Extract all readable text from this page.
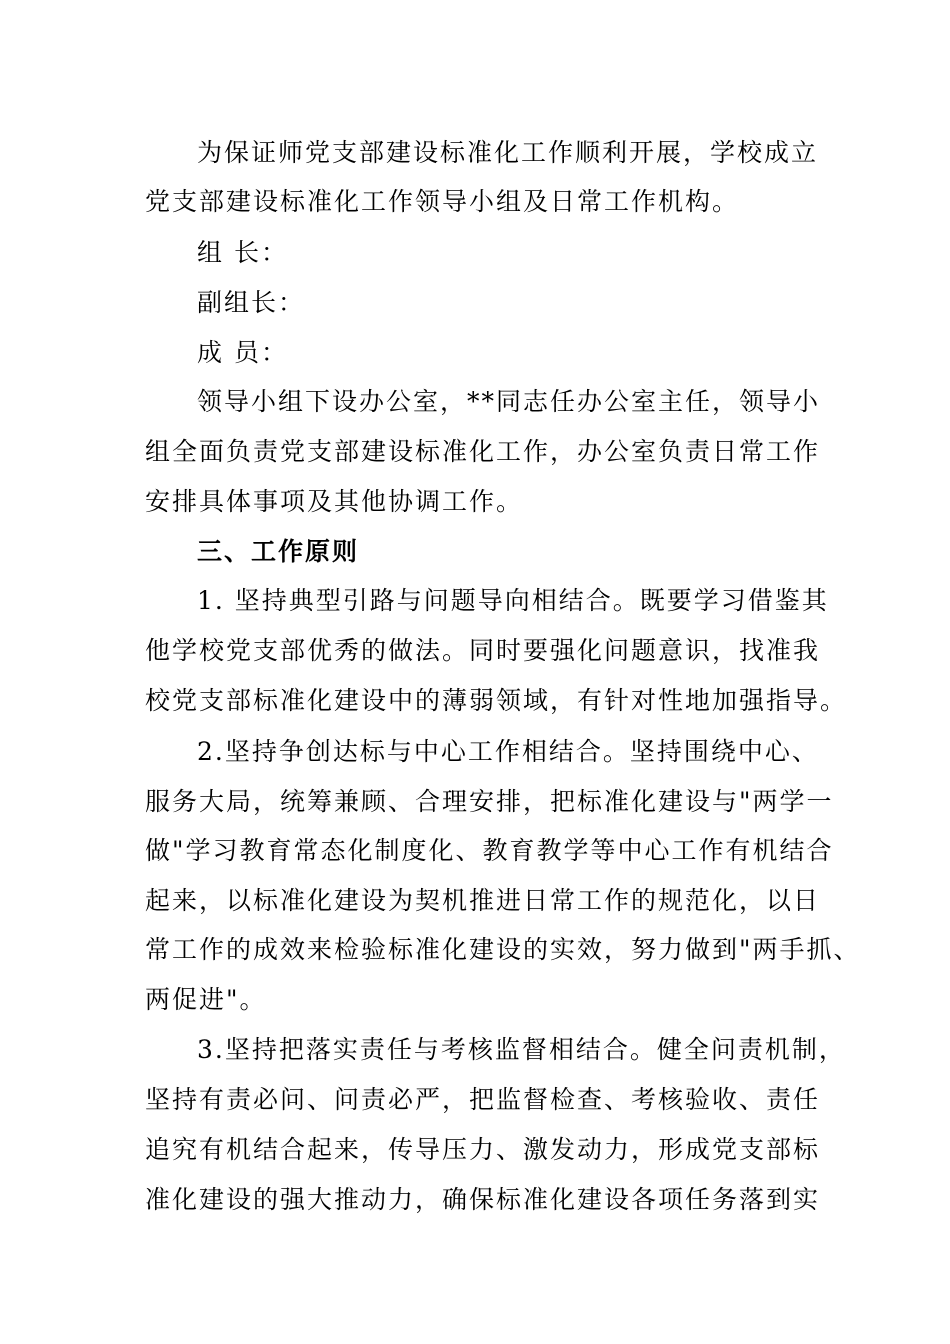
为保证师党支部建设标准化工作顺利开展，学校成立
党支部建设标准化工作领导小组及日常工作机构。
组 长：
副组长：
成 员：
领导小组下设办公室，**同志任办公室主任，领导小
组全面负责党支部建设标准化工作，办公室负责日常工作
安排具体事项及其他协调工作。
三、工作原则
1. 坚持典型引路与问题导向相结合。既要学习借鉴其
他学校党支部优秀的做法。同时要强化问题意识，找准我
校党支部标准化建设中的薄弱领域，有针对性地加强指导。
2.坚持争创达标与中心工作相结合。坚持围绕中心、
服务大局，统筹兼顾、合理安排，把标准化建设与"两学一
做"学习教育常态化制度化、教育教学等中心工作有机结合
起来，以标准化建设为契机推进日常工作的规范化，以日
常工作的成效来检验标准化建设的实效，努力做到"两手抓、
两促进"。
3.坚持把落实责任与考核监督相结合。健全问责机制，
坚持有责必问、问责必严，把监督检查、考核验收、责任
追究有机结合起来，传导压力、激发动力，形成党支部标
准化建设的强大推动力，确保标准化建设各项任务落到实
